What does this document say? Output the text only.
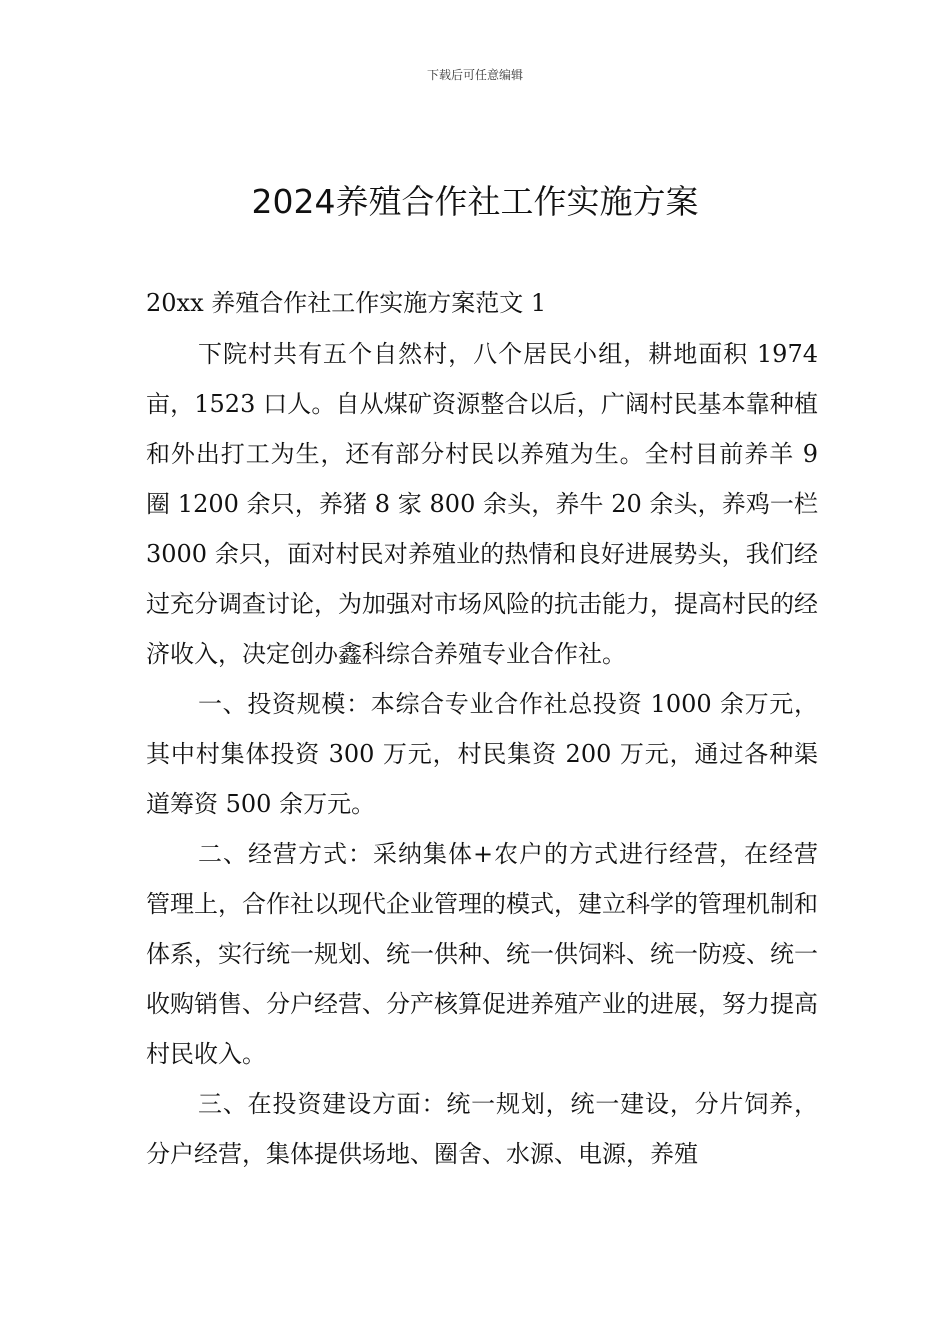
下载后可任意编辑
2024养殖合作社工作实施方案
20xx 养殖合作社工作实施方案范文 1

下院村共有五个自然村，八个居民小组，耕地面积 1974 亩，1523 口人。自从煤矿资源整合以后，广阔村民基本靠种植和外出打工为生，还有部分村民以养殖为生。全村目前养羊 9 圈 1200 余只，养猪 8 家 800 余头，养牛 20 余头，养鸡一栏 3000 余只，面对村民对养殖业的热情和良好进展势头，我们经过充分调查讨论，为加强对市场风险的抗击能力，提高村民的经济收入，决定创办鑫科综合养殖专业合作社。

一、投资规模：本综合专业合作社总投资 1000 余万元，其中村集体投资 300 万元，村民集资 200 万元，通过各种渠道筹资 500 余万元。

二、经营方式：采纳集体+农户的方式进行经营，在经营管理上，合作社以现代企业管理的模式，建立科学的管理机制和体系，实行统一规划、统一供种、统一供饲料、统一防疫、统一收购销售、分户经营、分产核算促进养殖产业的进展，努力提高村民收入。

三、在投资建设方面：统一规划，统一建设，分片饲养，分户经营，集体提供场地、圈舍、水源、电源，养殖
